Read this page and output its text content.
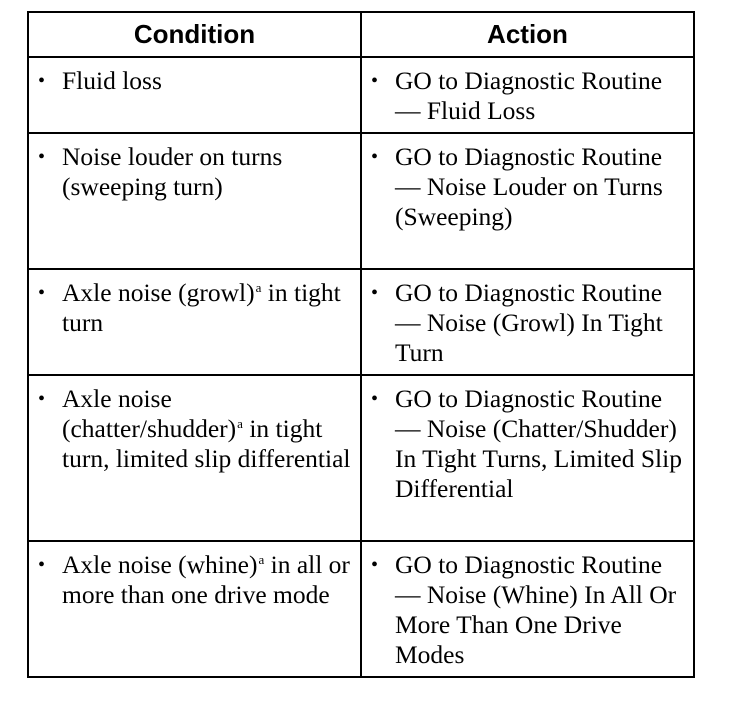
Condition	Action

• Fluid loss	• GO to Diagnostic Routine — Fluid Loss

• Noise louder on turns (sweeping turn)	• GO to Diagnostic Routine — Noise Louder on Turns (Sweeping)

• Axle noise (growl)$^a$ in tight turn	• GO to Diagnostic Routine — Noise (Growl) In Tight Turn

• Axle noise (chatter/shudder)$^a$ in tight turn, limited slip differential	• GO to Diagnostic Routine — Noise (Chatter/Shudder) In Tight Turns, Limited Slip Differential

• Axle noise (whine)$^a$ in all or more than one drive mode	• GO to Diagnostic Routine — Noise (Whine) In All Or More Than One Drive Modes
